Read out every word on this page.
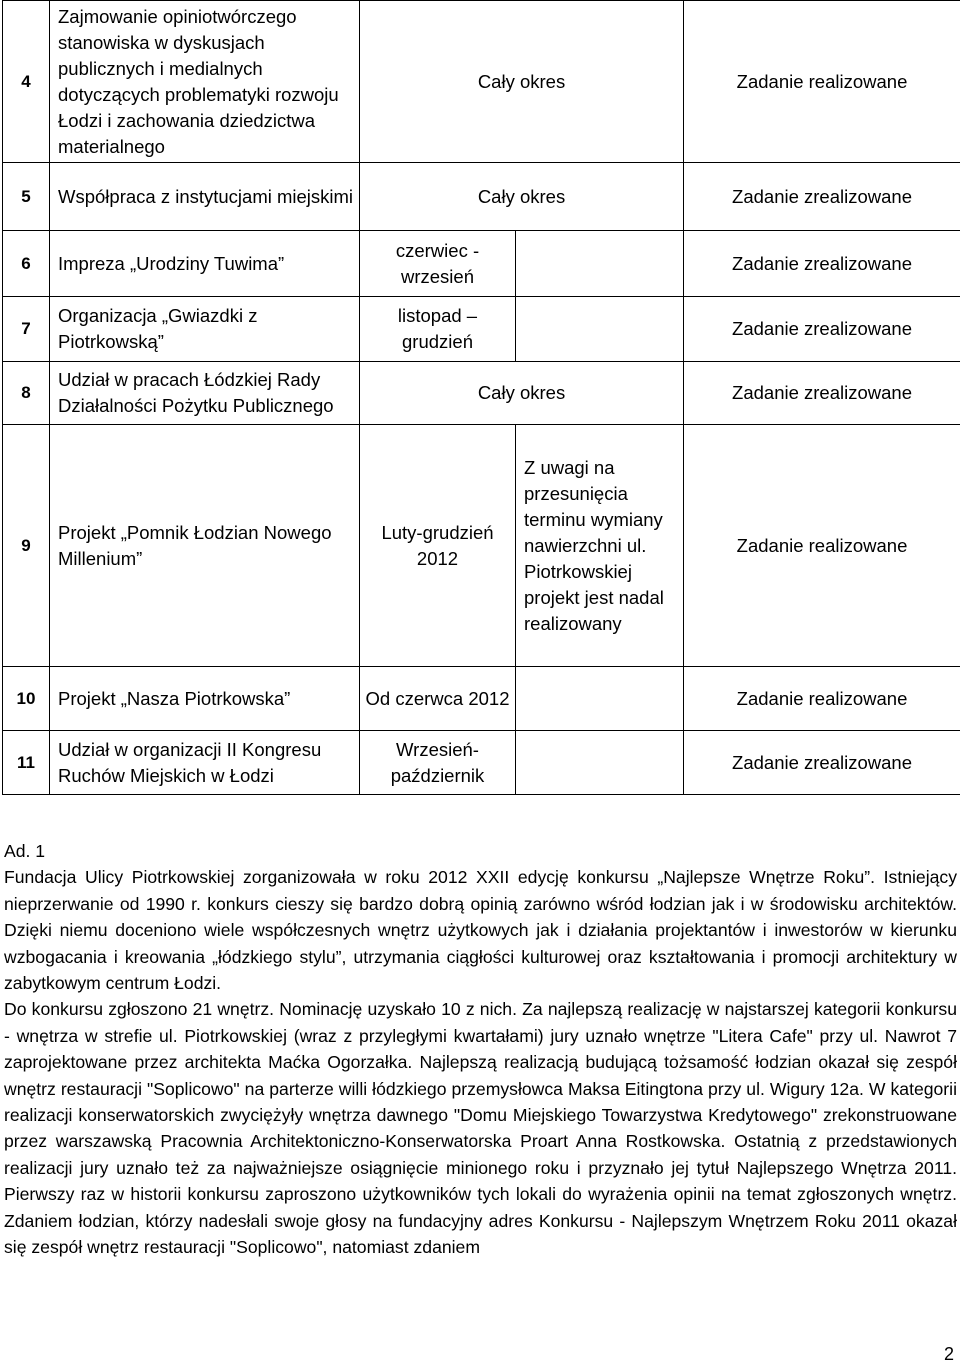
4	Zajmowanie opiniotwórczego stanowiska w dyskusjach publicznych i medialnych dotyczących problematyki rozwoju Łodzi i zachowania dziedzictwa materialnego	Cały okres		Zadanie realizowane
5	Współpraca z instytucjami miejskimi	Cały okres		Zadanie zrealizowane
6	Impreza „Urodziny Tuwima”	czerwiec - wrzesień		Zadanie zrealizowane
7	Organizacja „Gwiazdki z Piotrkowską”	listopad – grudzień		Zadanie zrealizowane
8	Udział w pracach Łódzkiej Rady Działalności Pożytku Publicznego	Cały okres		Zadanie zrealizowane
9	Projekt „Pomnik Łodzian Nowego Millenium”	Luty-grudzień 2012	Z uwagi na przesunięcia terminu wymiany nawierzchni ul. Piotrkowskiej projekt jest nadal realizowany	Zadanie realizowane
10	Projekt „Nasza Piotrkowska”	Od czerwca 2012		Zadanie realizowane
11	Udział w organizacji II Kongresu Ruchów Miejskich w Łodzi	Wrzesień-październik		Zadanie zrealizowane

Ad. 1

Fundacja Ulicy Piotrkowskiej zorganizowała w roku 2012 XXII edycję konkursu „Najlepsze Wnętrze Roku”. Istniejący nieprzerwanie od 1990 r. konkurs cieszy się bardzo dobrą opinią zarówno wśród łodzian jak i w środowisku architektów. Dzięki niemu doceniono wiele współczesnych wnętrz użytkowych jak i działania projektantów i inwestorów w kierunku wzbogacania i kreowania „łódzkiego stylu”, utrzymania ciągłości kulturowej oraz kształtowania i promocji architektury w zabytkowym centrum Łodzi.

Do konkursu zgłoszono 21 wnętrz. Nominację uzyskało 10 z nich. Za najlepszą realizację w najstarszej kategorii konkursu - wnętrza w strefie ul. Piotrkowskiej (wraz z przyległymi kwartałami) jury uznało wnętrze "Litera Cafe" przy ul. Nawrot 7 zaprojektowane przez architekta Maćka Ogorzałka. Najlepszą realizacją budującą tożsamość łodzian okazał się zespół wnętrz restauracji "Soplicowo" na parterze willi łódzkiego przemysłowca Maksa Eitingtona przy ul. Wigury 12a. W kategorii realizacji konserwatorskich zwyciężyły wnętrza dawnego "Domu Miejskiego Towarzystwa Kredytowego" zrekonstruowane przez warszawską Pracownia Architektoniczno-Konserwatorska Proart Anna Rostkowska. Ostatnią z przedstawionych realizacji jury uznało też za najważniejsze osiągnięcie minionego roku i przyznało jej tytuł Najlepszego Wnętrza 2011. Pierwszy raz w historii konkursu zaproszono użytkowników tych lokali do wyrażenia opinii na temat zgłoszonych wnętrz. Zdaniem łodzian, którzy nadesłali swoje głosy na fundacyjny adres Konkursu - Najlepszym Wnętrzem Roku 2011 okazał się zespół wnętrz restauracji "Soplicowo", natomiast zdaniem

2
